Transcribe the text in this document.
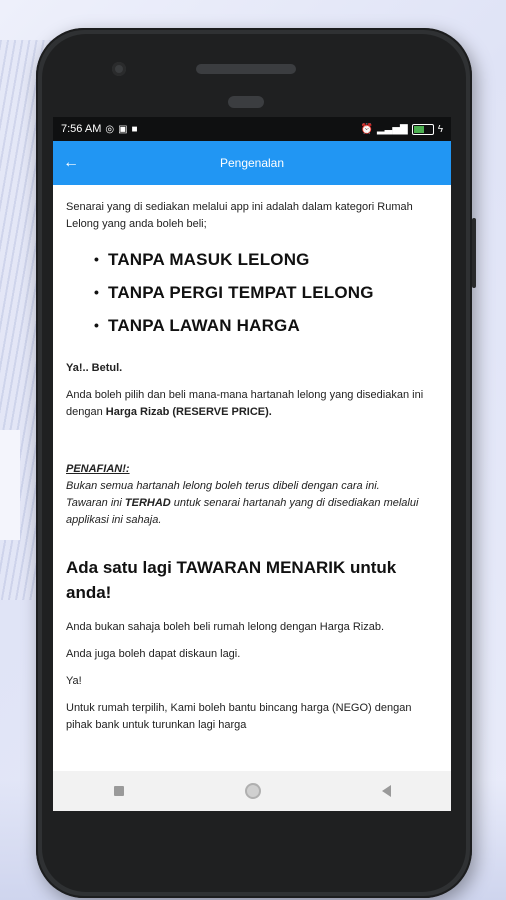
7:56 AM ◎ ▣ ■	⏰ ▂▃▅▇	ϟ
←	Pengenalan

Senarai yang di sediakan melalui app ini adalah dalam kategori Rumah Lelong yang anda boleh beli;

• TANPA MASUK LELONG
• TANPA PERGI TEMPAT LELONG
• TANPA LAWAN HARGA

Ya!.. Betul.

Anda boleh pilih dan beli mana-mana hartanah lelong yang disediakan ini dengan Harga Rizab (RESERVE PRICE).

PENAFIAN!:
Bukan semua hartanah lelong boleh terus dibeli dengan cara ini.
Tawaran ini TERHAD untuk senarai hartanah yang di disediakan melalui applikasi ini sahaja.

Ada satu lagi TAWARAN MENARIK untuk anda!

Anda bukan sahaja boleh beli rumah lelong dengan Harga Rizab.

Anda juga boleh dapat diskaun lagi.

Ya!

Untuk rumah terpilih, Kami boleh bantu bincang harga (NEGO) dengan pihak bank untuk turunkan lagi harga
